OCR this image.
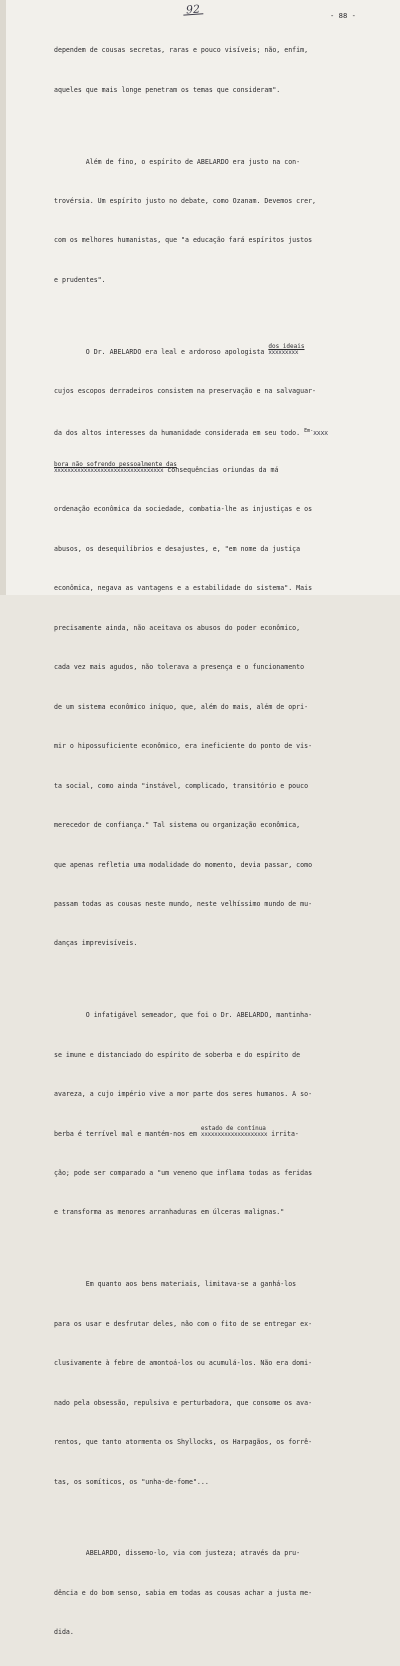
92	- 88 -

dependem de cousas secretas, raras e pouco visíveis; não, enfim,

aqueles que mais longe penetram os temas que consideram".

Além de fino, o espírito de ABELARDO era justo na con-

trovérsia. Um espírito justo no debate, como Ozanam. Devemos crer,

com os melhores humanistas, que "a educação fará espíritos justos

e prudentes".

O Dr. ABELARDO era leal e ardoroso apologista
dos ideais
xxxxxxxxx

cujos escopos derradeiros consistem na preservação e na salvaguar-

da dos altos interesses da humanidade considerada em seu todo. $^{Em-}$xxxx

bora não sofrendo pessoalmente das
xxxxxxxxxxxxxxxxxxxxxxxxxxxxxxxxx consequências oriundas da má

ordenação econômica da sociedade, combatia-lhe as injustiças e os

abusos, os desequilíbrios e desajustes, e, "em nome da justiça

econômica, negava as vantagens e a estabilidade do sistema". Mais

precisamente ainda, não aceitava os abusos do poder econômico,

cada vez mais agudos, não tolerava a presença e o funcionamento

de um sistema econômico iníquo, que, além do mais, além de opri-

mir o hipossuficiente econômico, era ineficiente do ponto de vis-

ta social, como ainda "instável, complicado, transitório e pouco

merecedor de confiança." Tal sistema ou organização econômica,

que apenas refletia uma modalidade do momento, devia passar, como

passam todas as cousas neste mundo, neste velhíssimo mundo de mu-

danças imprevisíveis.

O infatigável semeador, que foi o Dr. ABELARDO, mantinha-

se imune e distanciado do espírito de soberba e do espírito de

avareza, a cujo império vive a mor parte dos seres humanos. A so-

berba é terrível mal e mantém-nos em
estado de contínua
xxxxxxxxxxxxxxxxxxxx irrita-

ção; pode ser comparado a "um veneno que inflama todas as feridas

e transforma as menores arranhaduras em úlceras malignas."

Em quanto aos bens materiais, limitava-se a ganhá-los

para os usar e desfrutar deles, não com o fito de se entregar ex-

clusivamente à febre de amontoá-los ou acumulá-los. Não era domi-

nado pela obsessão, repulsiva e perturbadora, que consome os ava-

rentos, que tanto atormenta os Shyllocks, os Harpagãos, os forrê-

tas, os somíticos, os "unha-de-fome"...

ABELARDO, dissemo-lo, via com justeza; através da pru-

dência e do bom senso, sabia em todas as cousas achar a justa me-

dida.
